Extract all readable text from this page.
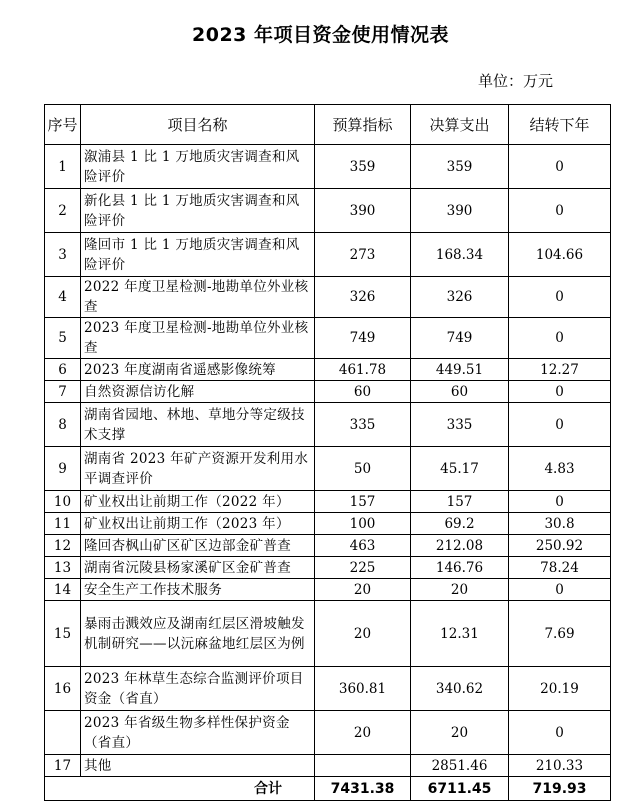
2023 年项目资金使用情况表
单位：万元
序号	项目名称	预算指标	决算支出	结转下年
1	溆浦县 1 比 1 万地质灾害调查和风险评价	359	359	0
2	新化县 1 比 1 万地质灾害调查和风险评价	390	390	0
3	隆回市 1 比 1 万地质灾害调查和风险评价	273	168.34	104.66
4	2022 年度卫星检测-地勘单位外业核查	326	326	0
5	2023 年度卫星检测-地勘单位外业核查	749	749	0
6	2023 年度湖南省遥感影像统筹	461.78	449.51	12.27
7	自然资源信访化解	60	60	0
8	湖南省园地、林地、草地分等定级技术支撑	335	335	0
9	湖南省 2023 年矿产资源开发利用水平调查评价	50	45.17	4.83
10	矿业权出让前期工作（2022 年）	157	157	0
11	矿业权出让前期工作（2023 年）	100	69.2	30.8
12	隆回杏枫山矿区矿区边部金矿普查	463	212.08	250.92
13	湖南省沅陵县杨家溪矿区金矿普查	225	146.76	78.24
14	安全生产工作技术服务	20	20	0
15	暴雨击溅效应及湖南红层区滑坡触发机制研究——以沅麻盆地红层区为例	20	12.31	7.69
16	2023 年林草生态综合监测评价项目资金（省直）	360.81	340.62	20.19
	2023 年省级生物多样性保护资金（省直）	20	20	0
17	其他		2851.46	210.33
合计		7431.38	6711.45	719.93
